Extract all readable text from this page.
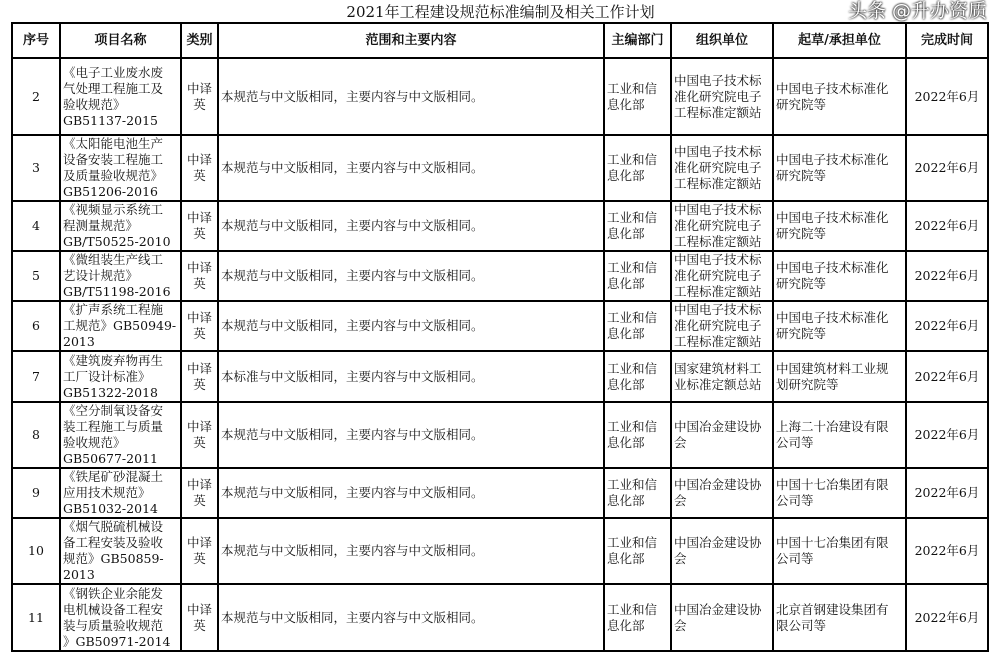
2021年工程建设规范标准编制及相关工作计划
序号	项目名称	类别	范围和主要内容	主编部门	组织单位	起草/承担单位	完成时间
2	《电子工业废水废
气处理工程施工及
验收规范》
GB51137-2015	中译
英	本规范与中文版相同，主要内容与中文版相同。	工业和信
息化部	中国电子技术标
准化研究院电子
工程标准定额站	中国电子技术标准化
研究院等	2022年6月
3	《太阳能电池生产
设备安装工程施工
及质量验收规范》
GB51206-2016	中译
英	本规范与中文版相同，主要内容与中文版相同。	工业和信
息化部	中国电子技术标
准化研究院电子
工程标准定额站	中国电子技术标准化
研究院等	2022年6月
4	《视频显示系统工
程测量规范》
GB/T50525-2010	中译
英	本规范与中文版相同，主要内容与中文版相同。	工业和信
息化部	中国电子技术标
准化研究院电子
工程标准定额站	中国电子技术标准化
研究院等	2022年6月
5	《微组装生产线工
艺设计规范》
GB/T51198-2016	中译
英	本规范与中文版相同，主要内容与中文版相同。	工业和信
息化部	中国电子技术标
准化研究院电子
工程标准定额站	中国电子技术标准化
研究院等	2022年6月
6	《扩声系统工程施
工规范》GB50949-
2013	中译
英	本规范与中文版相同，主要内容与中文版相同。	工业和信
息化部	中国电子技术标
准化研究院电子
工程标准定额站	中国电子技术标准化
研究院等	2022年6月
7	《建筑废弃物再生
工厂设计标准》
GB51322-2018	中译
英	本标准与中文版相同，主要内容与中文版相同。	工业和信
息化部	国家建筑材料工
业标准定额总站	中国建筑材料工业规
划研究院等	2022年6月
8	《空分制氧设备安
装工程施工与质量
验收规范》
GB50677-2011	中译
英	本规范与中文版相同，主要内容与中文版相同。	工业和信
息化部	中国冶金建设协
会	上海二十冶建设有限
公司等	2022年6月
9	《铁尾矿砂混凝土
应用技术规范》
GB51032-2014	中译
英	本规范与中文版相同，主要内容与中文版相同。	工业和信
息化部	中国冶金建设协
会	中国十七冶集团有限
公司等	2022年6月
10	《烟气脱硫机械设
备工程安装及验收
规范》GB50859-
2013	中译
英	本规范与中文版相同，主要内容与中文版相同。	工业和信
息化部	中国冶金建设协
会	中国十七冶集团有限
公司等	2022年6月
11	《钢铁企业余能发
电机械设备工程安
装与质量验收规范
》GB50971-2014	中译
英	本规范与中文版相同，主要内容与中文版相同。	工业和信
息化部	中国冶金建设协
会	北京首钢建设集团有
限公司等	2022年6月
头条 @升办资质
